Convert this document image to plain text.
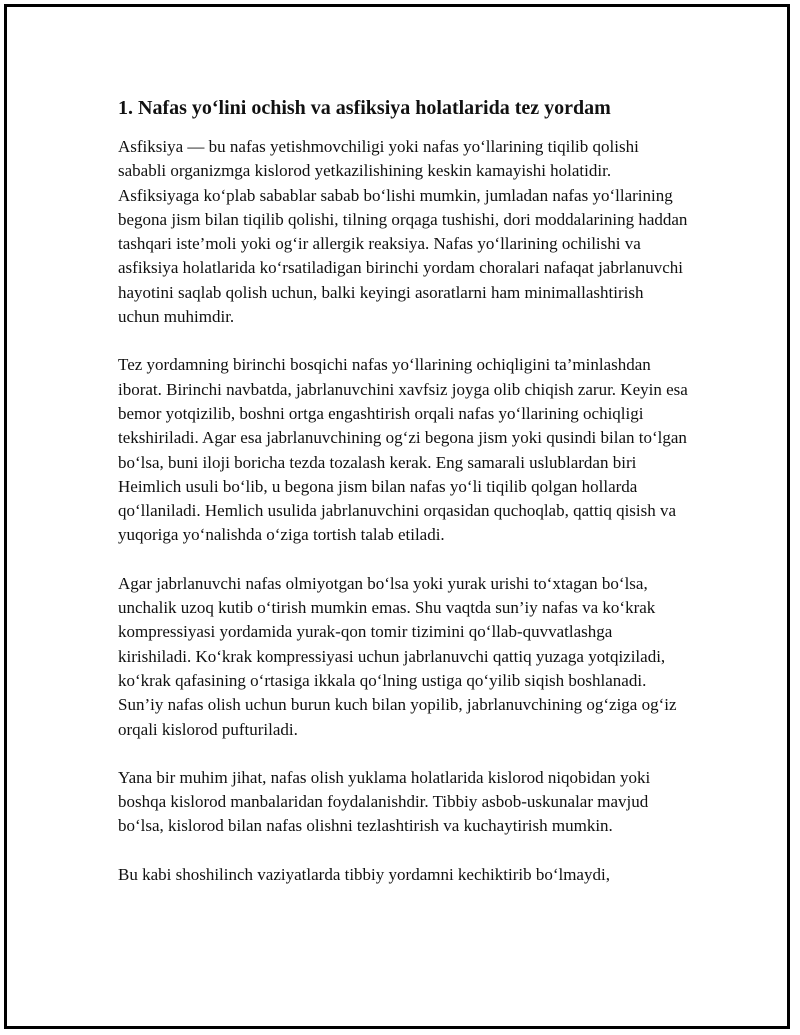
1. Nafas yo‘lini ochish va asfiksiya holatlarida tez yordam

Asfiksiya — bu nafas yetishmovchiligi yoki nafas yo‘llarining tiqilib qolishi sababli organizmga kislorod yetkazilishining keskin kamayishi holatidir. Asfiksiyaga ko‘plab sabablar sabab bo‘lishi mumkin, jumladan nafas yo‘llarining begona jism bilan tiqilib qolishi, tilning orqaga tushishi, dori moddalarining haddan tashqari iste’moli yoki og‘ir allergik reaksiya. Nafas yo‘llarining ochilishi va asfiksiya holatlarida ko‘rsatiladigan birinchi yordam choralari nafaqat jabrlanuvchi hayotini saqlab qolish uchun, balki keyingi asoratlarni ham minimallashtirish uchun muhimdir.

Tez yordamning birinchi bosqichi nafas yo‘llarining ochiqligini ta’minlashdan iborat. Birinchi navbatda, jabrlanuvchini xavfsiz joyga olib chiqish zarur. Keyin esa bemor yotqizilib, boshni ortga engashtirish orqali nafas yo‘llarining ochiqligi tekshiriladi. Agar esa jabrlanuvchining og‘zi begona jism yoki qusindi bilan to‘lgan bo‘lsa, buni iloji boricha tezda tozalash kerak. Eng samarali uslublardan biri Heimlich usuli bo‘lib, u begona jism bilan nafas yo‘li tiqilib qolgan hollarda qo‘llaniladi. Hemlich usulida jabrlanuvchini orqasidan quchoqlab, qattiq qisish va yuqoriga yo‘nalishda o‘ziga tortish talab etiladi.

Agar jabrlanuvchi nafas olmiyotgan bo‘lsa yoki yurak urishi to‘xtagan bo‘lsa, unchalik uzoq kutib o‘tirish mumkin emas. Shu vaqtda sun’iy nafas va ko‘krak kompressiyasi yordamida yurak-qon tomir tizimini qo‘llab-quvvatlashga kirishiladi. Ko‘krak kompressiyasi uchun jabrlanuvchi qattiq yuzaga yotqiziladi, ko‘krak qafasining o‘rtasiga ikkala qo‘lning ustiga qo‘yilib siqish boshlanadi. Sun’iy nafas olish uchun burun kuch bilan yopilib, jabrlanuvchining og‘ziga og‘iz orqali kislorod pufturiladi.

Yana bir muhim jihat, nafas olish yuklama holatlarida kislorod niqobidan yoki boshqa kislorod manbalaridan foydalanishdir. Tibbiy asbob-uskunalar mavjud bo‘lsa, kislorod bilan nafas olishni tezlashtirish va kuchaytirish mumkin.

Bu kabi shoshilinch vaziyatlarda tibbiy yordamni kechiktirib bo‘lmaydi,
